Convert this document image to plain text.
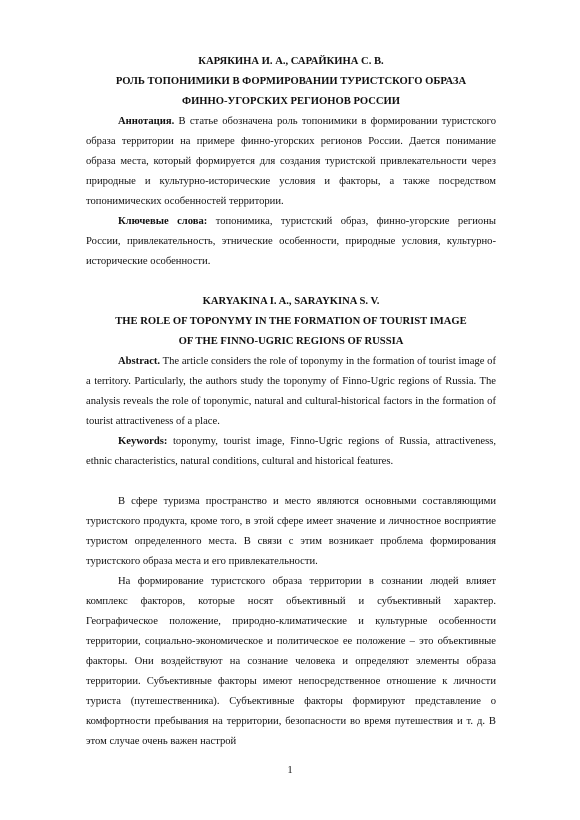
КАРЯКИНА И. А., САРАЙКИНА С. В.

РОЛЬ ТОПОНИМИКИ В ФОРМИРОВАНИИ ТУРИСТСКОГО ОБРАЗА

ФИННО-УГОРСКИХ РЕГИОНОВ РОССИИ

Аннотация. В статье обозначена роль топонимики в формировании туристского образа территории на примере финно-угорских регионов России. Дается понимание образа места, который формируется для создания туристской привлекательности через природные и культурно-исторические условия и факторы, а также посредством топонимических особенностей территории.

Ключевые слова: топонимика, туристский образ, финно-угорские регионы России, привлекательность, этнические особенности, природные условия, культурно-исторические особенности.

KARYAKINA I. A., SARAYKINA S. V.

THE ROLE OF TOPONYMY IN THE FORMATION OF TOURIST IMAGE

OF THE FINNO-UGRIC REGIONS OF RUSSIA

Abstract. The article considers the role of toponymy in the formation of tourist image of a territory. Particularly, the authors study the toponymy of Finno-Ugric regions of Russia. The analysis reveals the role of toponymic, natural and cultural-historical factors in the formation of tourist attractiveness of a place.

Keywords: toponymy, tourist image, Finno-Ugric regions of Russia, attractiveness, ethnic characteristics, natural conditions, cultural and historical features.

В сфере туризма пространство и место являются основными составляющими туристского продукта, кроме того, в этой сфере имеет значение и личностное восприятие туристом определенного места. В связи с этим возникает проблема формирования туристского образа места и его привлекательности.

На формирование туристского образа территории в сознании людей влияет комплекс факторов, которые носят объективный и субъективный характер. Географическое положение, природно-климатические и культурные особенности территории, социально-экономическое и политическое ее положение – это объективные факторы. Они воздействуют на сознание человека и определяют элементы образа территории. Субъективные факторы имеют непосредственное отношение к личности туриста (путешественника). Субъективные факторы формируют представление о комфортности пребывания на территории, безопасности во время путешествия и т. д. В этом случае очень важен настрой

1
